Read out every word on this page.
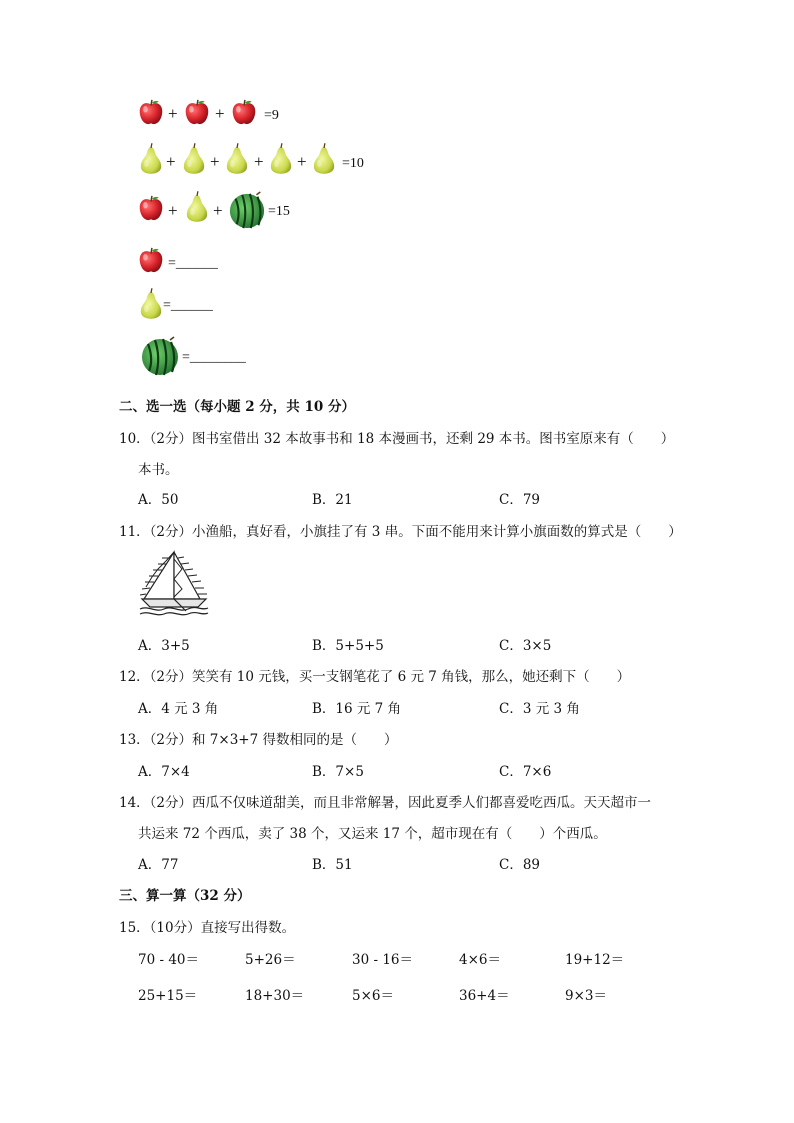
+ +	=9
+ + + +	=10
+ +	=15
=______
=______
=________
二、选一选（每小题 2 分，共 10 分）
10．（2分）图书室借出 32 本故事书和 18 本漫画书，还剩 29 本书。图书室原来有（　　）
本书。
A．50	B．21	C．79
11．（2分）小渔船，真好看，小旗挂了有 3 串。下面不能用来计算小旗面数的算式是（　　）
A．3+5	B．5+5+5	C．3×5
12．（2分）笑笑有 10 元钱，买一支钢笔花了 6 元 7 角钱，那么，她还剩下（　　）
A．4 元 3 角	B．16 元 7 角	C．3 元 3 角
13．（2分）和 7×3+7 得数相同的是（　　）
A．7×4	B．7×5	C．7×6
14．（2分）西瓜不仅味道甜美，而且非常解暑，因此夏季人们都喜爱吃西瓜。天天超市一
共运来 72 个西瓜，卖了 38 个，又运来 17 个，超市现在有（　　）个西瓜。
A．77	B．51	C．89
三、算一算（32 分）
15．（10分）直接写出得数。
70 - 40＝	5+26＝	30 - 16＝	4×6＝	19+12＝
25+15＝	18+30＝	5×6＝	36+4＝	9×3＝
